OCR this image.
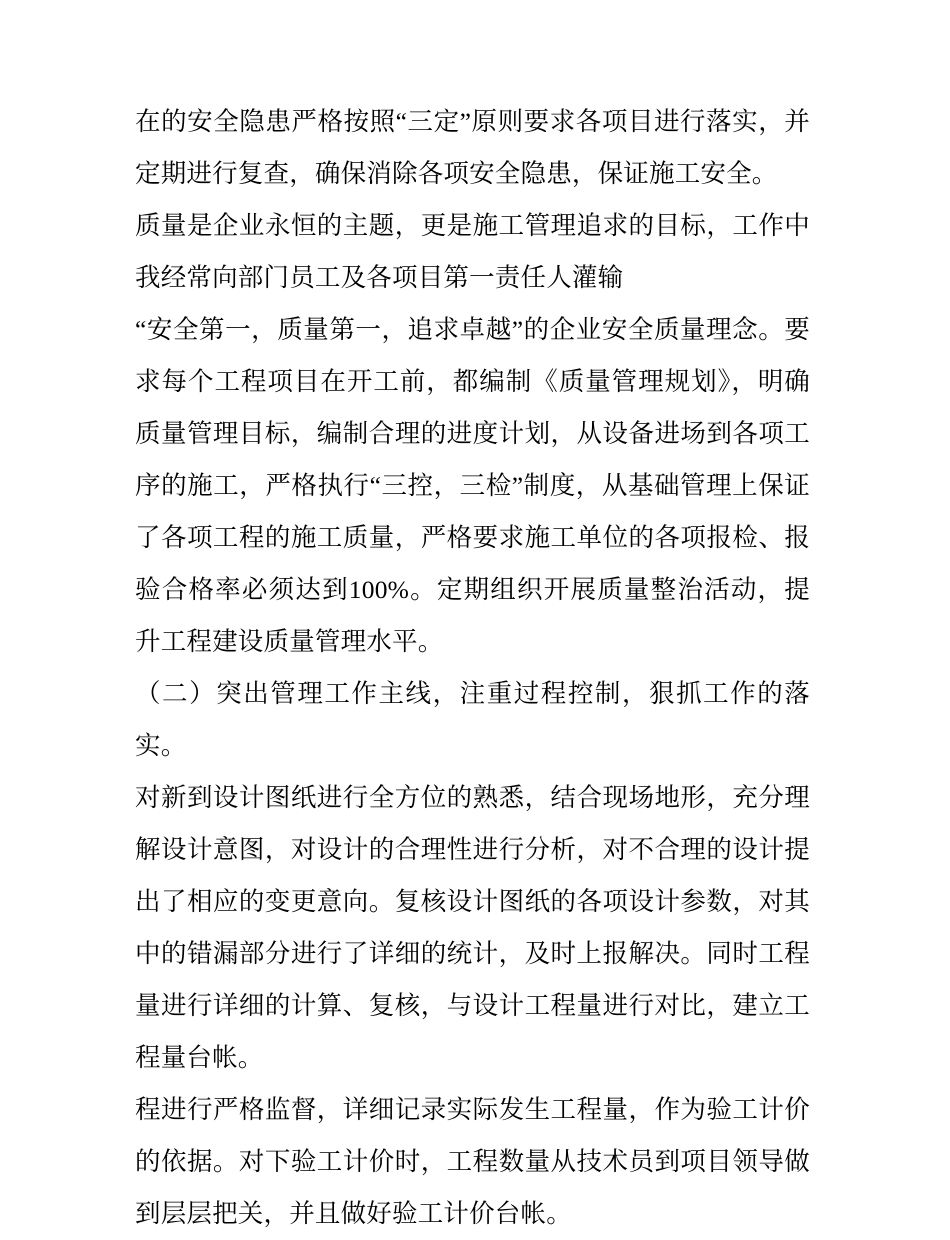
在的安全隐患严格按照“三定”原则要求各项目进行落实，并定期进行复查，确保消除各项安全隐患，保证施工安全。

质量是企业永恒的主题，更是施工管理追求的目标，工作中我经常向部门员工及各项目第一责任人灌输

“安全第一，质量第一，追求卓越”的企业安全质量理念。要求每个工程项目在开工前，都编制《质量管理规划》，明确质量管理目标，编制合理的进度计划，从设备进场到各项工序的施工，严格执行“三控，三检”制度，从基础管理上保证了各项工程的施工质量，严格要求施工单位的各项报检、报验合格率必须达到100%。定期组织开展质量整治活动，提升工程建设质量管理水平。

（二）突出管理工作主线，注重过程控制，狠抓工作的落实。

对新到设计图纸进行全方位的熟悉，结合现场地形，充分理解设计意图，对设计的合理性进行分析，对不合理的设计提出了相应的变更意向。复核设计图纸的各项设计参数，对其中的错漏部分进行了详细的统计，及时上报解决。同时工程量进行详细的计算、复核，与设计工程量进行对比，建立工程量台帐。

程进行严格监督，详细记录实际发生工程量，作为验工计价的依据。对下验工计价时，工程数量从技术员到项目领导做到层层把关，并且做好验工计价台帐。
